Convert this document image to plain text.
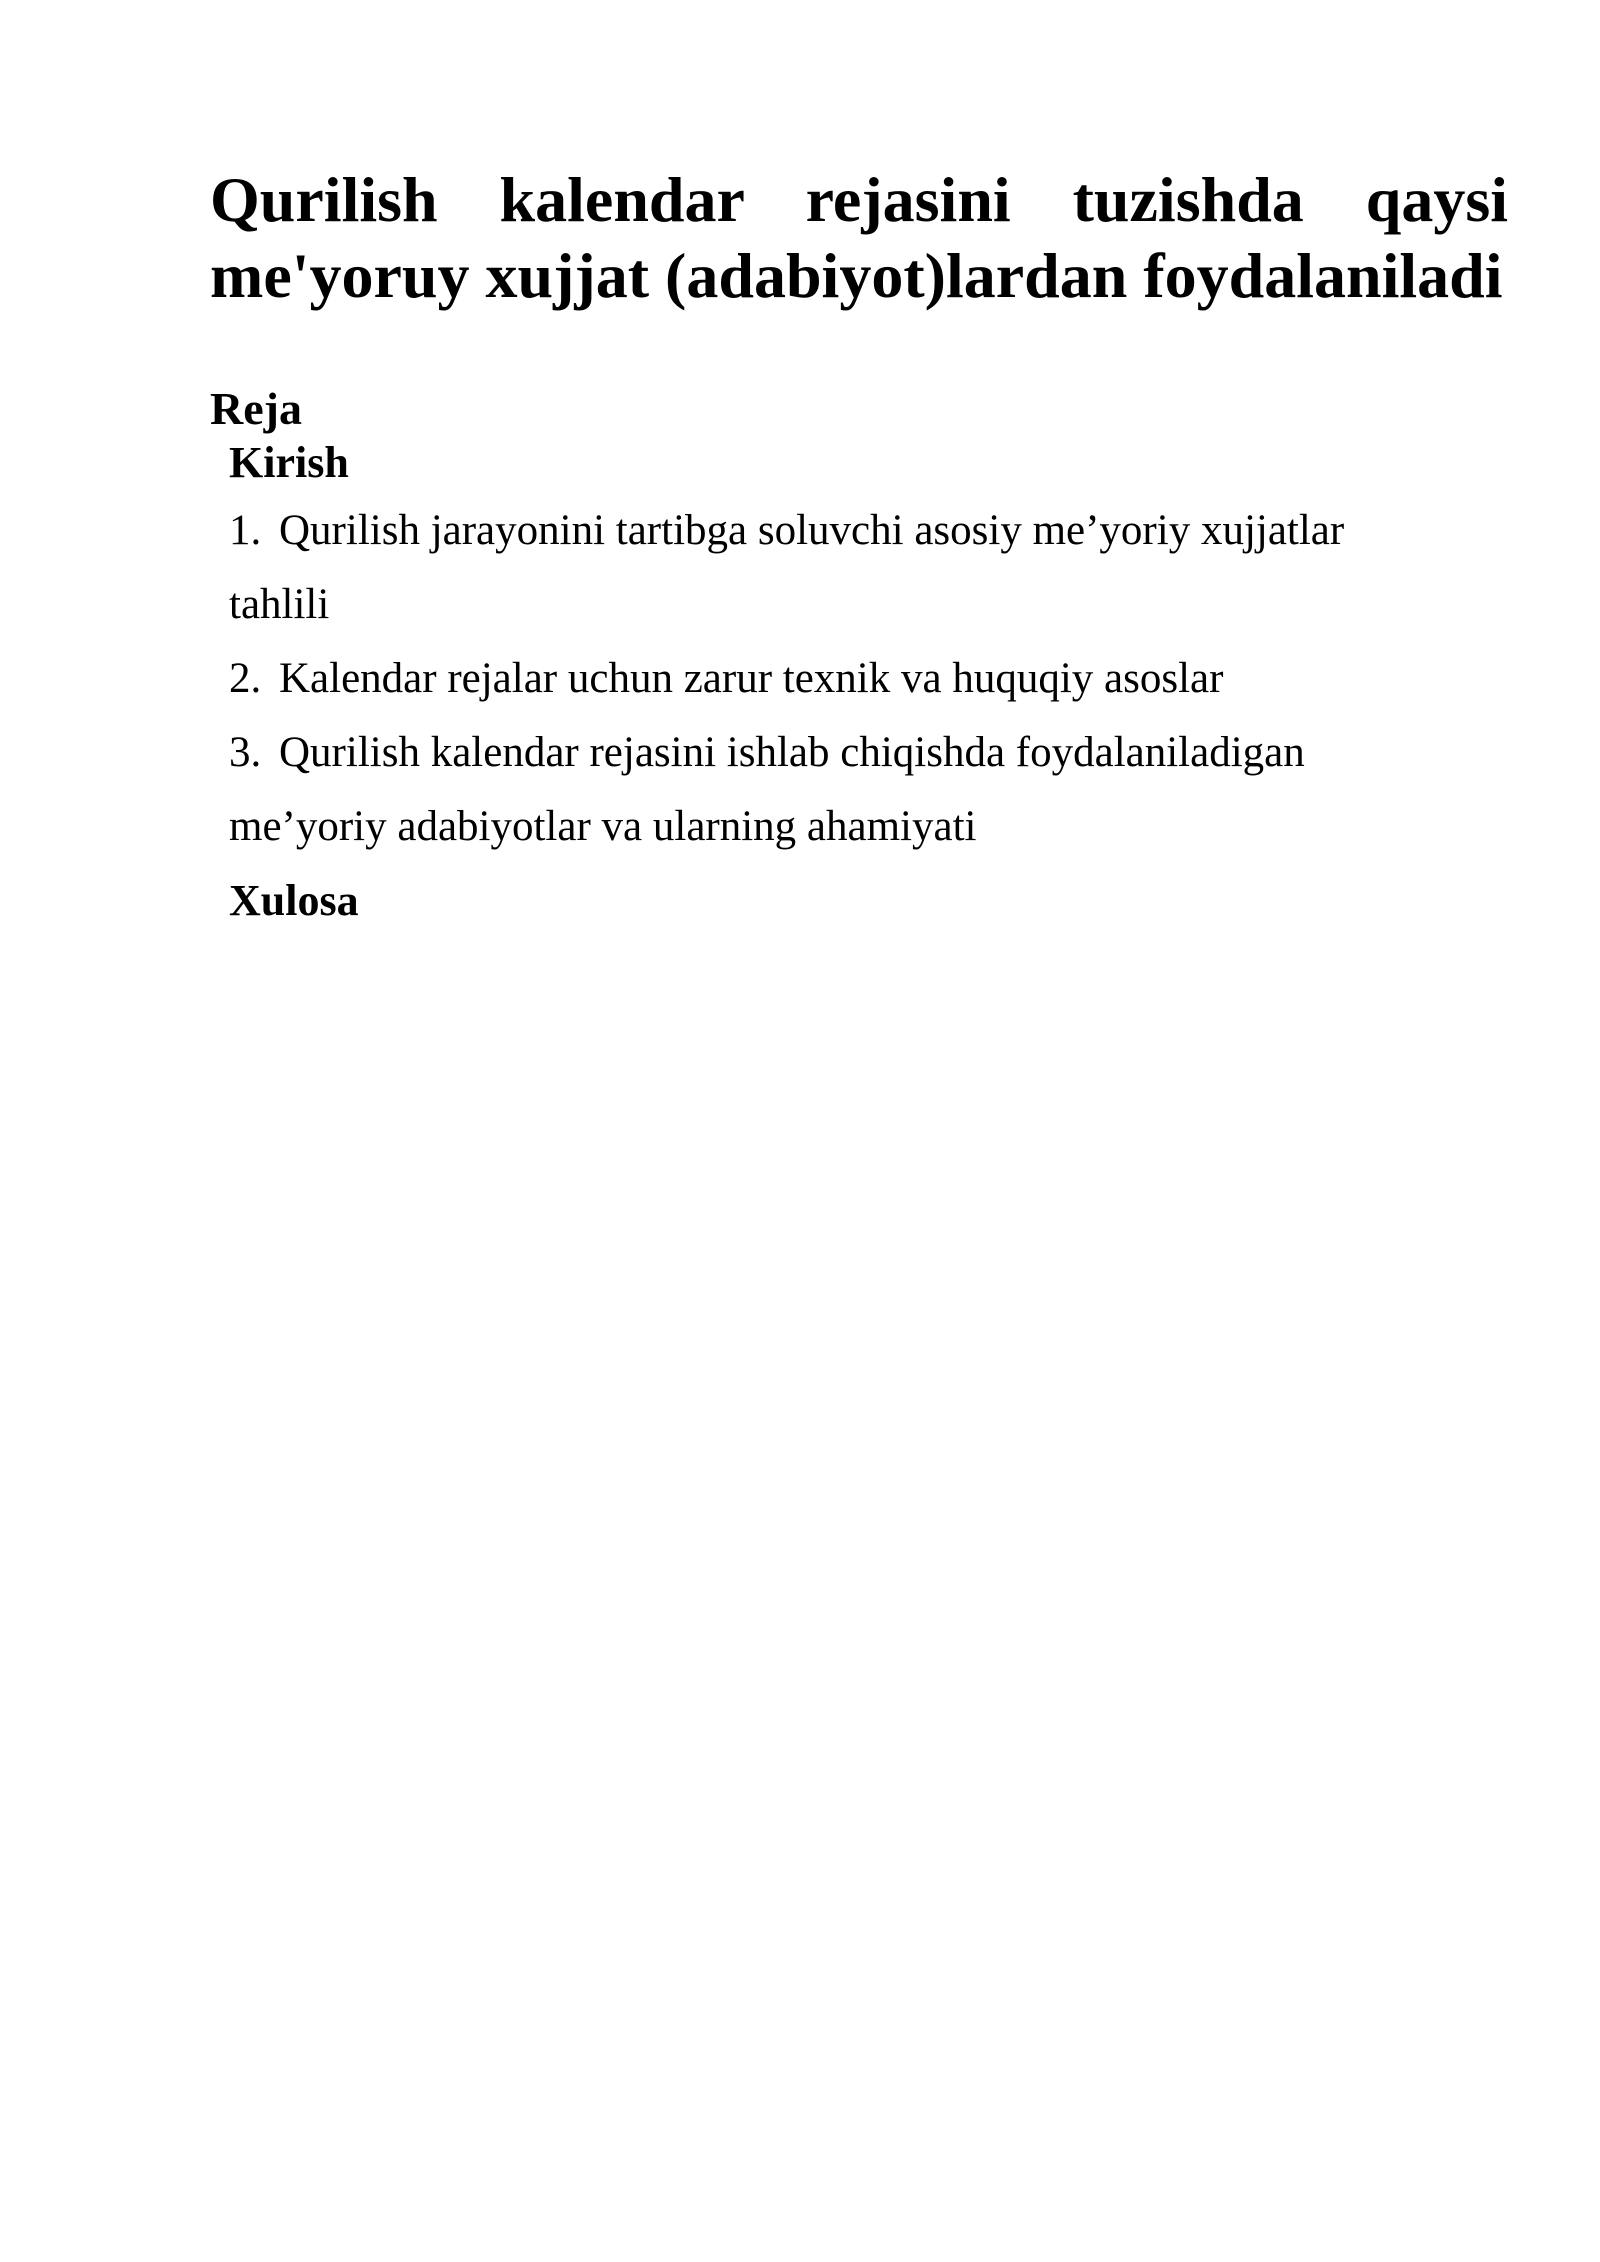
Qurilish kalendar rejasini tuzishda qaysi me'yoruy xujjat (adabiyot)lardan foydalaniladi
Reja
Kirish
1. Qurilish jarayonini tartibga soluvchi asosiy me’yoriy xujjatlar
tahlili
2. Kalendar rejalar uchun zarur texnik va huquqiy asoslar
3. Qurilish kalendar rejasini ishlab chiqishda foydalaniladigan
me’yoriy adabiyotlar va ularning ahamiyati
Xulosa
